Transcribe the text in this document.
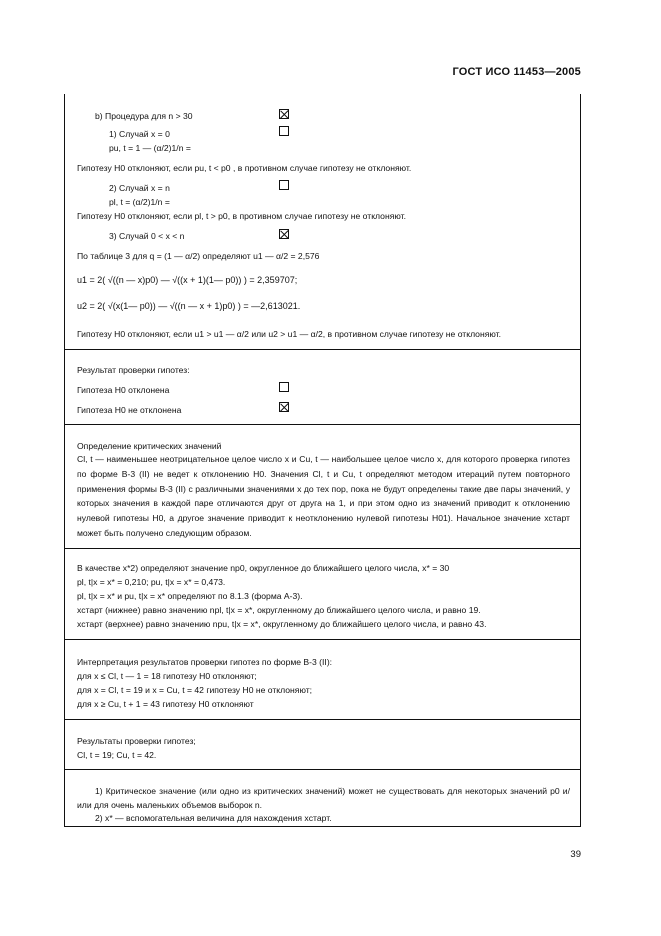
ГОСТ ИСО 11453—2005
b) Процедура для n > 30
1) Случай x = 0
pu, t = 1 — (α/2)1/n =
Гипотезу H0 отклоняют, если pu, t < p0 , в противном случае гипотезу не отклоняют.
2) Случай x = n
pl, t = (α/2)1/n =
Гипотезу H0 отклоняют, если pl, t > p0, в противном случае гипотезу не отклоняют.
3) Случай 0 < x < n
По таблице 3 для q = (1 — α/2) определяют u1 — α/2 = 2,576
u1 = 2( √((n — x)p0) — √((x + 1)(1— p0)) ) = 2,359707;
u2 = 2( √(x(1— p0)) — √((n — x + 1)p0) ) = —2,613021.
Гипотезу H0 отклоняют, если u1 > u1 — α/2 или u2 > u1 — α/2, в противном случае гипотезу не отклоняют.
Результат проверки гипотез:
Гипотеза H0 отклонена
Гипотеза H0 не отклонена
Определение критических значений
Cl, t — наименьшее неотрицательное целое число x и Cu, t — наибольшее целое число x, для которого проверка гипотез по форме В-3 (II) не ведет к отклонению H0. Значения Cl, t и Cu, t определяют методом итераций путем повторного применения формы В-3 (II) с различными значениями x до тех пор, пока не будут определены такие две пары значений, у которых значения в каждой паре отличаются друг от друга на 1, и при этом одно из значений приводит к отклонению нулевой гипотезы H0, а другое значение приводит к неотклонению нулевой гипотезы H01). Начальное значение xстарт может быть получено следующим образом.
В качестве x*2) определяют значение np0, округленное до ближайшего целого числа, x* = 30
pl, t|x = x* = 0,210; pu, t|x = x* = 0,473.
pl, t|x = x* и pu, t|x = x* определяют по 8.1.3 (форма А-3).
xстарт (нижнее) равно значению npl, t|x = x*, округленному до ближайшего целого числа, и равно 19.
xстарт (верхнее) равно значению npu, t|x = x*, округленному до ближайшего целого числа, и равно 43.
Интерпретация результатов проверки гипотез по форме В-3 (II):
для x ≤ Cl, t — 1 = 18 гипотезу H0 отклоняют;
для x = Cl, t = 19 и x = Cu, t = 42 гипотезу H0 не отклоняют;
для x ≥ Cu, t + 1 = 43 гипотезу H0 отклоняют
Результаты проверки гипотез;
Cl, t = 19; Cu, t = 42.
1) Критическое значение (или одно из критических значений) может не существовать для некоторых значений p0 и/или для очень маленьких объемов выборок n.
2) x* — вспомогательная величина для нахождения xстарт.
39
